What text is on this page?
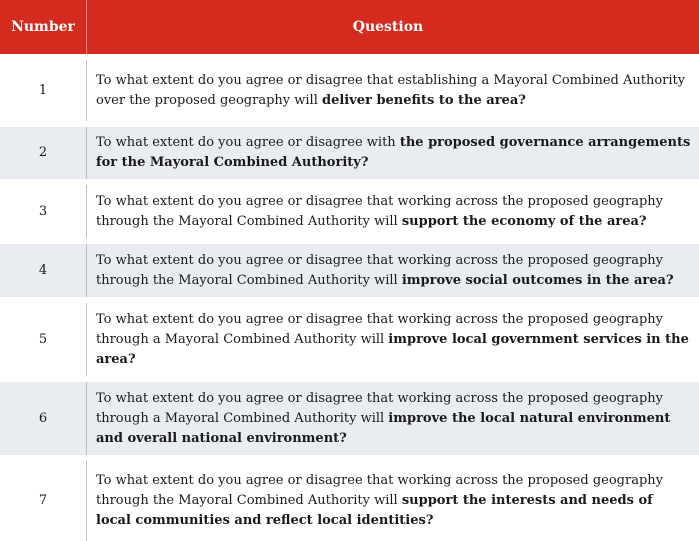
Number	Question
1
To what extent do you agree or disagree that establishing a Mayoral Combined Authority over the proposed geography will deliver benefits to the area?
2
To what extent do you agree or disagree with the proposed governance arrangements for the Mayoral Combined Authority?
3
To what extent do you agree or disagree that working across the proposed geography through the Mayoral Combined Authority will support the economy of the area?
4
To what extent do you agree or disagree that working across the proposed geography through the Mayoral Combined Authority will improve social outcomes in the area?
5
To what extent do you agree or disagree that working across the proposed geography through a Mayoral Combined Authority will improve local government services in the area?
6
To what extent do you agree or disagree that working across the proposed geography through a Mayoral Combined Authority will improve the local natural environment and overall national environment?
7
To what extent do you agree or disagree that working across the proposed geography through the Mayoral Combined Authority will support the interests and needs of local communities and reflect local identities?
